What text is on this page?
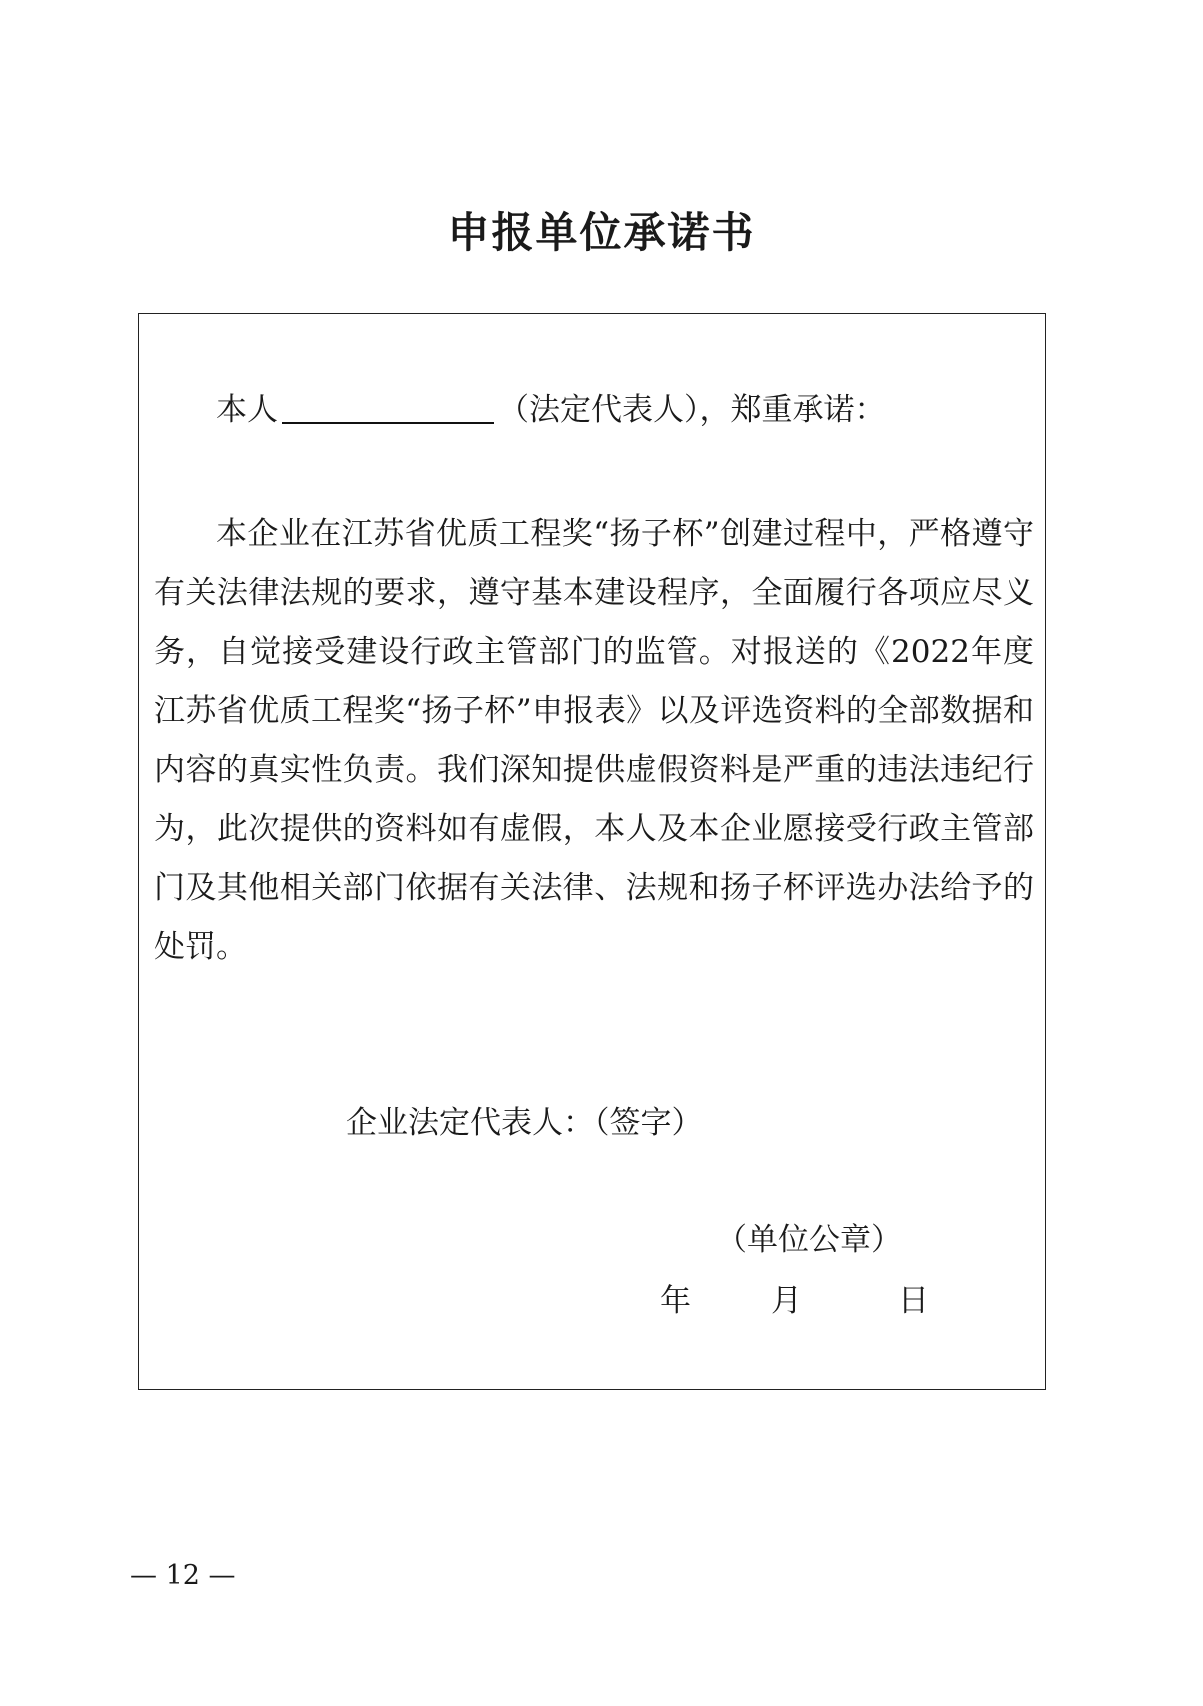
申报单位承诺书
本人	（法定代表人），郑重承诺：
本企业在江苏省优质工程奖“扬子杯”创建过程中，严格遵守有关法律法规的要求，遵守基本建设程序，全面履行各项应尽义务，自觉接受建设行政主管部门的监管。对报送的《2022年度江苏省优质工程奖“扬子杯”申报表》以及评选资料的全部数据和内容的真实性负责。我们深知提供虚假资料是严重的违法违纪行为，此次提供的资料如有虚假，本人及本企业愿接受行政主管部门及其他相关部门依据有关法律、法规和扬子杯评选办法给予的处罚。
企业法定代表人：（签字）
（单位公章）
年	月	日
— 12 —
